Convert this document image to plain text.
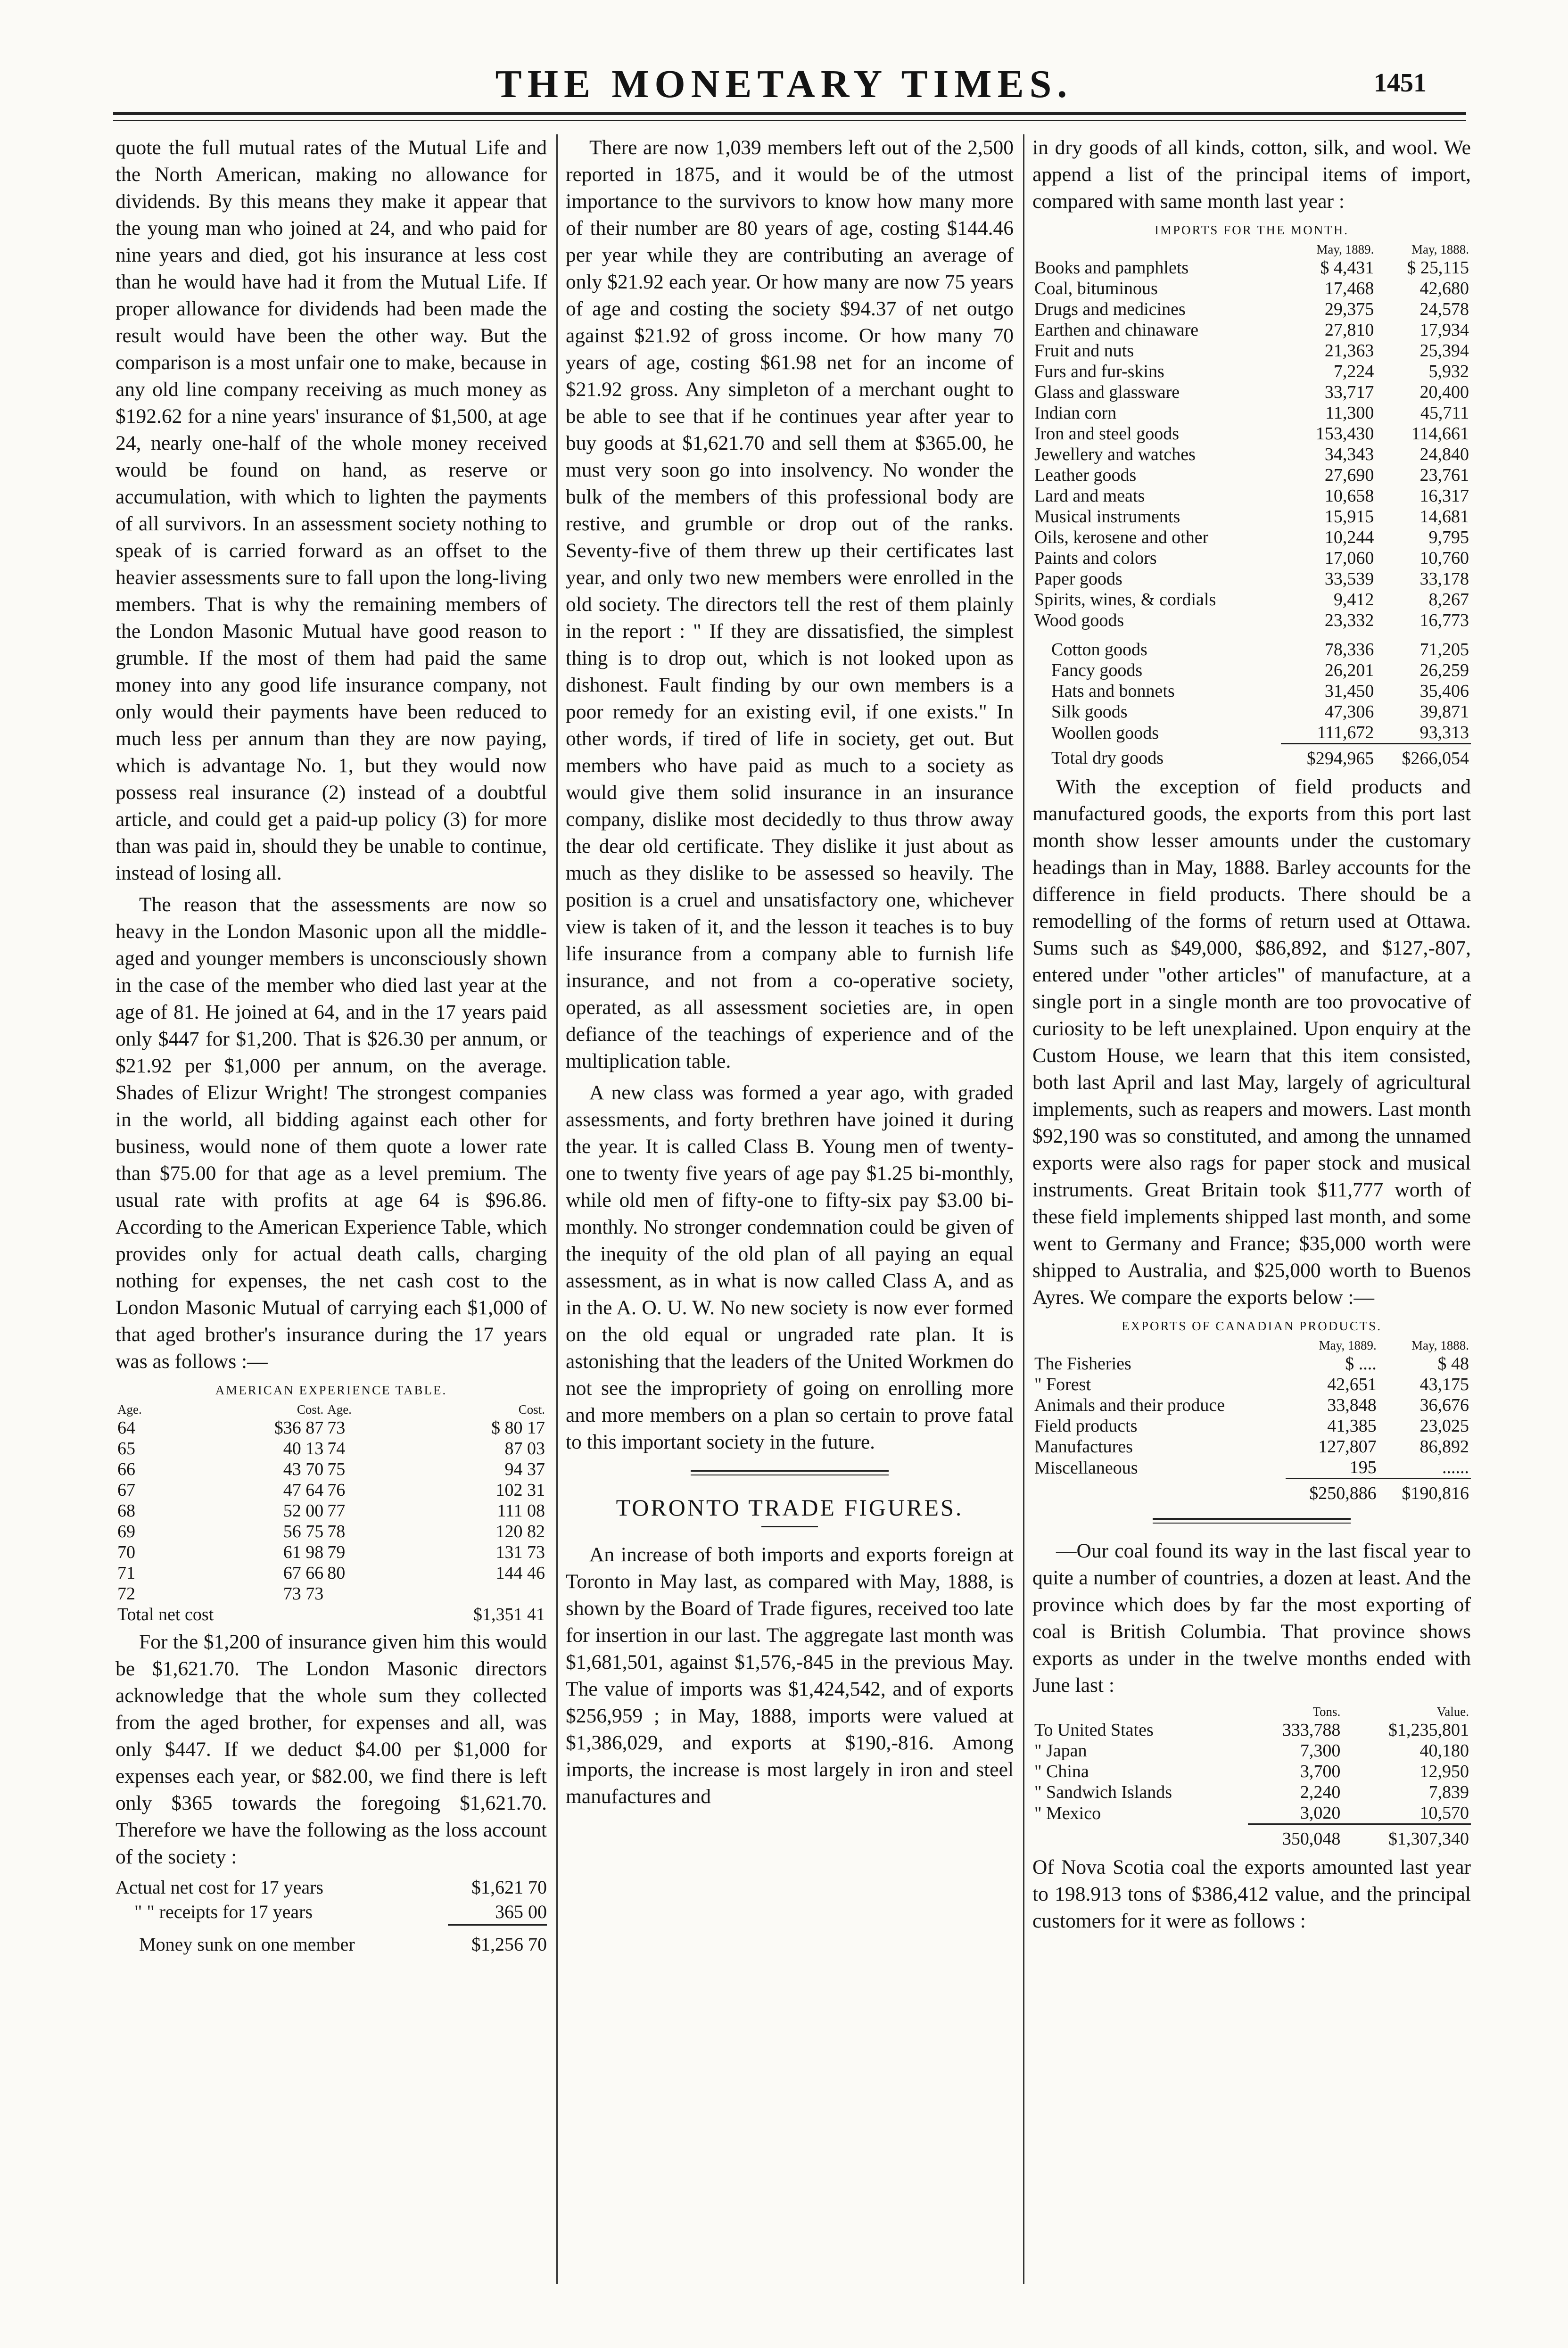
THE MONETARY TIMES.	1451

quote the full mutual rates of the Mutual Life and the North American, making no allowance for dividends. By this means they make it appear that the young man who joined at 24, and who paid for nine years and died, got his insurance at less cost than he would have had it from the Mutual Life. If proper allowance for dividends had been made the result would have been the other way. But the comparison is a most unfair one to make, because in any old line company receiving as much money as $192.62 for a nine years' insurance of $1,500, at age 24, nearly one-half of the whole money received would be found on hand, as reserve or accumulation, with which to lighten the payments of all survivors. In an assessment society nothing to speak of is carried forward as an offset to the heavier assessments sure to fall upon the long-living members. That is why the remaining members of the London Masonic Mutual have good reason to grumble. If the most of them had paid the same money into any good life insurance company, not only would their payments have been reduced to much less per annum than they are now paying, which is advantage No. 1, but they would now possess real insurance (2) instead of a doubtful article, and could get a paid-up policy (3) for more than was paid in, should they be unable to continue, instead of losing all.

The reason that the assessments are now so heavy in the London Masonic upon all the middle-aged and younger members is unconsciously shown in the case of the member who died last year at the age of 81. He joined at 64, and in the 17 years paid only $447 for $1,200. That is $26.30 per annum, or $21.92 per $1,000 per annum, on the average. Shades of Elizur Wright! The strongest companies in the world, all bidding against each other for business, would none of them quote a lower rate than $75.00 for that age as a level premium. The usual rate with profits at age 64 is $96.86. According to the American Experience Table, which provides only for actual death calls, charging nothing for expenses, the net cash cost to the London Masonic Mutual of carrying each $1,000 of that aged brother's insurance during the 17 years was as follows :—

AMERICAN EXPERIENCE TABLE.
Age.	Cost.	Age.	Cost.
64	$36 87	73	$ 80 17
65	40 13	74	87 03
66	43 70	75	94 37
67	47 64	76	102 31
68	52 00	77	111 08
69	56 75	78	120 82
70	61 98	79	131 73
71	67 66	80	144 46
72	73 73		
Total net cost	$1,351 41

For the $1,200 of insurance given him this would be $1,621.70. The London Masonic directors acknowledge that the whole sum they collected from the aged brother, for expenses and all, was only $447. If we deduct $4.00 per $1,000 for expenses each year, or $82.00, we find there is left only $365 towards the foregoing $1,621.70. Therefore we have the following as the loss account of the society :

Actual net cost for 17 years	$1,621 70
" " receipts for 17 years	365 00
Money sunk on one member	$1,256 70

There are now 1,039 members left out of the 2,500 reported in 1875, and it would be of the utmost importance to the survivors to know how many more of their number are 80 years of age, costing $144.46 per year while they are contributing an average of only $21.92 each year. Or how many are now 75 years of age and costing the society $94.37 of net outgo against $21.92 of gross income. Or how many 70 years of age, costing $61.98 net for an income of $21.92 gross. Any simpleton of a merchant ought to be able to see that if he continues year after year to buy goods at $1,621.70 and sell them at $365.00, he must very soon go into insolvency. No wonder the bulk of the members of this professional body are restive, and grumble or drop out of the ranks. Seventy-five of them threw up their certificates last year, and only two new members were enrolled in the old society. The directors tell the rest of them plainly in the report : " If they are dissatisfied, the simplest thing is to drop out, which is not looked upon as dishonest. Fault finding by our own members is a poor remedy for an existing evil, if one exists." In other words, if tired of life in society, get out. But members who have paid as much to a society as would give them solid insurance in an insurance company, dislike most decidedly to thus throw away the dear old certificate. They dislike it just about as much as they dislike to be assessed so heavily. The position is a cruel and unsatisfactory one, whichever view is taken of it, and the lesson it teaches is to buy life insurance from a company able to furnish life insurance, and not from a co-operative society, operated, as all assessment societies are, in open defiance of the teachings of experience and of the multiplication table.

A new class was formed a year ago, with graded assessments, and forty brethren have joined it during the year. It is called Class B. Young men of twenty-one to twenty five years of age pay $1.25 bi-monthly, while old men of fifty-one to fifty-six pay $3.00 bi-monthly. No stronger condemnation could be given of the inequity of the old plan of all paying an equal assessment, as in what is now called Class A, and as in the A. O. U. W. No new society is now ever formed on the old equal or ungraded rate plan. It is astonishing that the leaders of the United Workmen do not see the impropriety of going on enrolling more and more members on a plan so certain to prove fatal to this important society in the future.

TORONTO TRADE FIGURES.

An increase of both imports and exports foreign at Toronto in May last, as compared with May, 1888, is shown by the Board of Trade figures, received too late for insertion in our last. The aggregate last month was $1,681,501, against $1,576,-845 in the previous May. The value of imports was $1,424,542, and of exports $256,959 ; in May, 1888, imports were valued at $1,386,029, and exports at $190,-816. Among imports, the increase is most largely in iron and steel manufactures and

in dry goods of all kinds, cotton, silk, and wool. We append a list of the principal items of import, compared with same month last year :

IMPORTS FOR THE MONTH.
	May, 1889.	May, 1888.
Books and pamphlets	$ 4,431	$ 25,115
Coal, bituminous	17,468	42,680
Drugs and medicines	29,375	24,578
Earthen and chinaware	27,810	17,934
Fruit and nuts	21,363	25,394
Furs and fur-skins	7,224	5,932
Glass and glassware	33,717	20,400
Indian corn	11,300	45,711
Iron and steel goods	153,430	114,661
Jewellery and watches	34,343	24,840
Leather goods	27,690	23,761
Lard and meats	10,658	16,317
Musical instruments	15,915	14,681
Oils, kerosene and other	10,244	9,795
Paints and colors	17,060	10,760
Paper goods	33,539	33,178
Spirits, wines, & cordials	9,412	8,267
Wood goods	23,332	16,773
Cotton goods	78,336	71,205
Fancy goods	26,201	26,259
Hats and bonnets	31,450	35,406
Silk goods	47,306	39,871
Woollen goods	111,672	93,313
Total dry goods	$294,965	$266,054

With the exception of field products and manufactured goods, the exports from this port last month show lesser amounts under the customary headings than in May, 1888. Barley accounts for the difference in field products. There should be a remodelling of the forms of return used at Ottawa. Sums such as $49,000, $86,892, and $127,-807, entered under "other articles" of manufacture, at a single port in a single month are too provocative of curiosity to be left unexplained. Upon enquiry at the Custom House, we learn that this item consisted, both last April and last May, largely of agricultural implements, such as reapers and mowers. Last month $92,190 was so constituted, and among the unnamed exports were also rags for paper stock and musical instruments. Great Britain took $11,777 worth of these field implements shipped last month, and some went to Germany and France; $35,000 worth were shipped to Australia, and $25,000 worth to Buenos Ayres. We compare the exports below :—

EXPORTS OF CANADIAN PRODUCTS.
	May, 1889.	May, 1888.
The Fisheries	$ ....	$ 48
" Forest	42,651	43,175
Animals and their produce	33,848	36,676
Field products	41,385	23,025
Manufactures	127,807	86,892
Miscellaneous	195	......
	$250,886	$190,816

—Our coal found its way in the last fiscal year to quite a number of countries, a dozen at least. And the province which does by far the most exporting of coal is British Columbia. That province shows exports as under in the twelve months ended with June last :

	Tons.	Value.
To United States	333,788	$1,235,801
" Japan	7,300	40,180
" China	3,700	12,950
" Sandwich Islands	2,240	7,839
" Mexico	3,020	10,570
	350,048	$1,307,340

Of Nova Scotia coal the exports amounted last year to 198.913 tons of $386,412 value, and the principal customers for it were as follows :
